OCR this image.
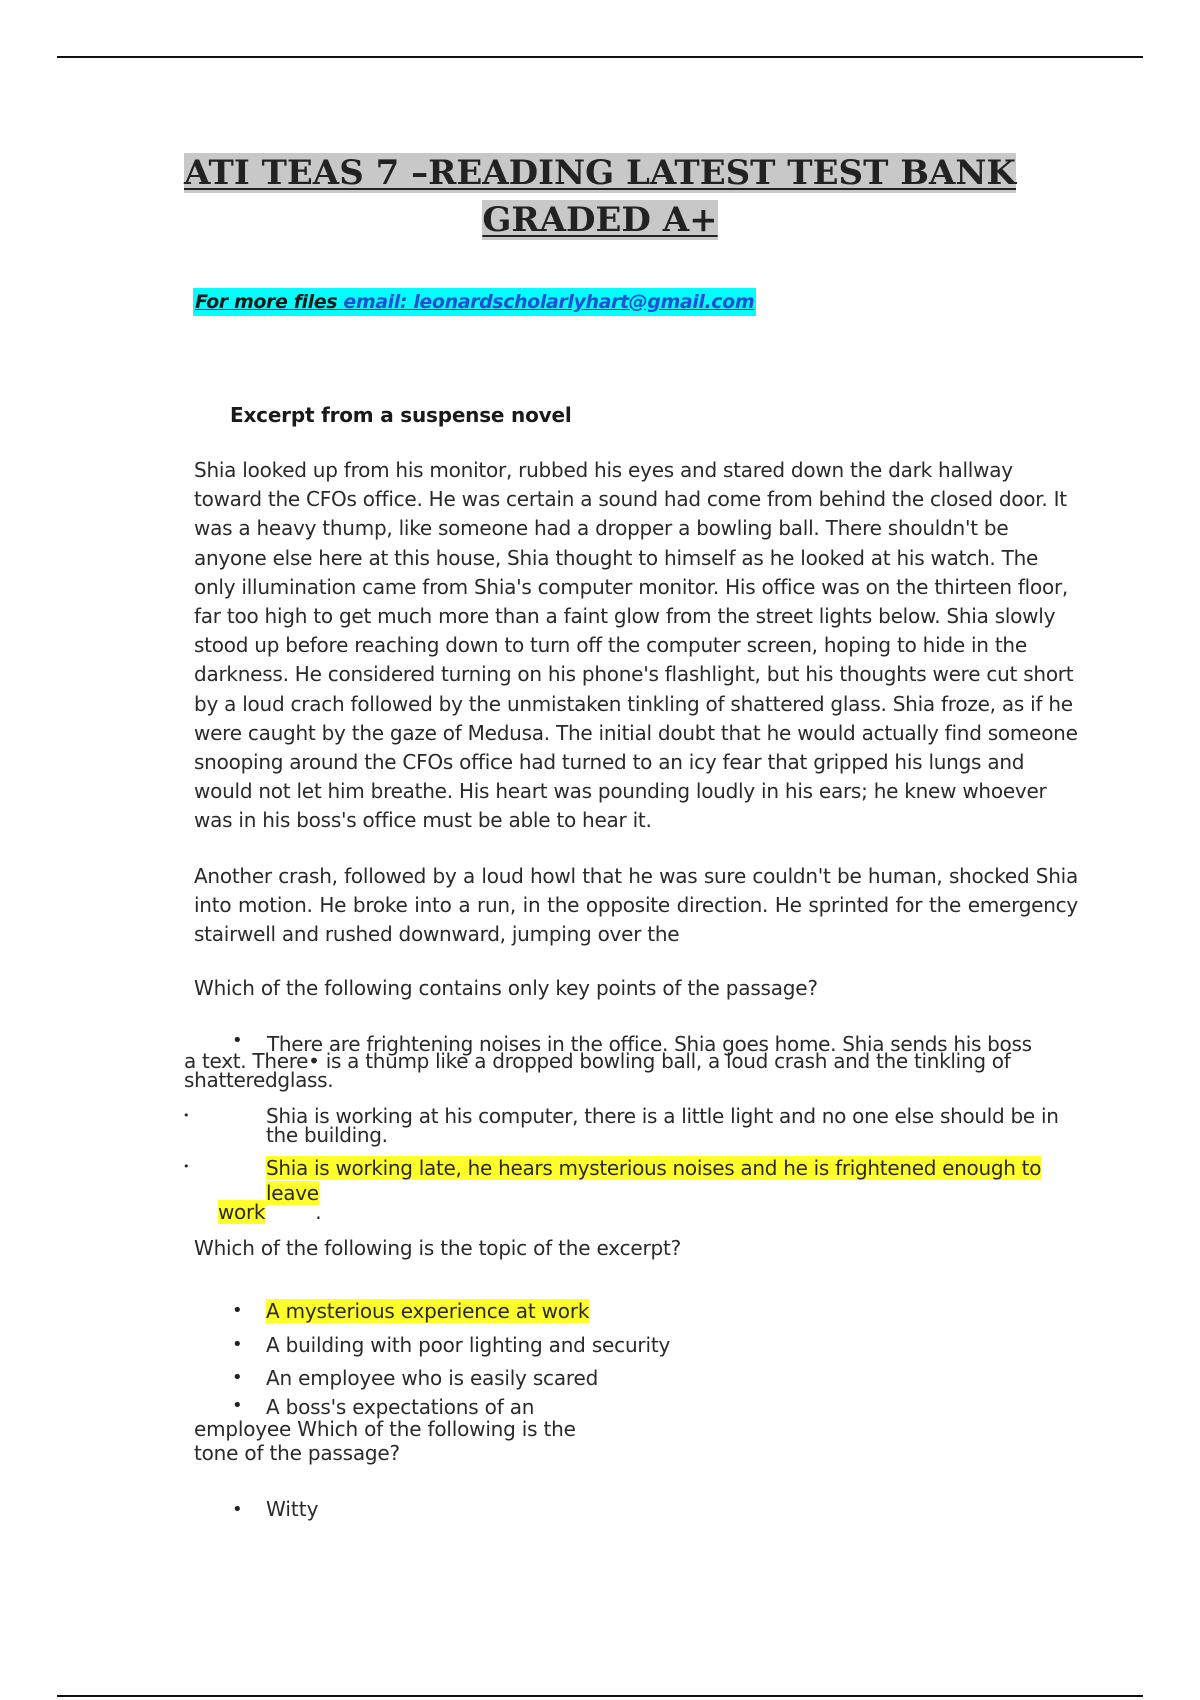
ATI TEAS 7 –READING LATEST TEST BANK
GRADED A+
For more files email: leonardscholarlyhart@gmail.com
Excerpt from a suspense novel
Shia looked up from his monitor, rubbed his eyes and stared down the dark hallway toward the CFOs office. He was certain a sound had come from behind the closed door. It was a heavy thump, like someone had a dropper a bowling ball. There shouldn't be anyone else here at this house, Shia thought to himself as he looked at his watch. The only illumination came from Shia's computer monitor. His office was on the thirteen floor, far too high to get much more than a faint glow from the street lights below. Shia slowly stood up before reaching down to turn off the computer screen, hoping to hide in the darkness. He considered turning on his phone's flashlight, but his thoughts were cut short by a loud crach followed by the unmistaken tinkling of shattered glass. Shia froze, as if he were caught by the gaze of Medusa. The initial doubt that he would actually find someone snooping around the CFOs office had turned to an icy fear that gripped his lungs and would not let him breathe. His heart was pounding loudly in his ears; he knew whoever was in his boss's office must be able to hear it.
Another crash, followed by a loud howl that he was sure couldn't be human, shocked Shia into motion. He broke into a run, in the opposite direction. He sprinted for the emergency stairwell and rushed downward, jumping over the
Which of the following contains only key points of the passage?
• There are frightening noises in the office. Shia goes home. Shia sends his boss
a text. There• is a thump like a dropped bowling ball, a loud crash and the tinkling of shatteredglass.
•	Shia is working at his computer, there is a little light and no one else should be in the building.
•	Shia is working late, he hears mysterious noises and he is frightened enough to leave
work	.
Which of the following is the topic of the excerpt?
• A mysterious experience at work
• A building with poor lighting and security
• An employee who is easily scared
• A boss's expectations of an
employee Which of the following is the tone of the passage?
• Witty
